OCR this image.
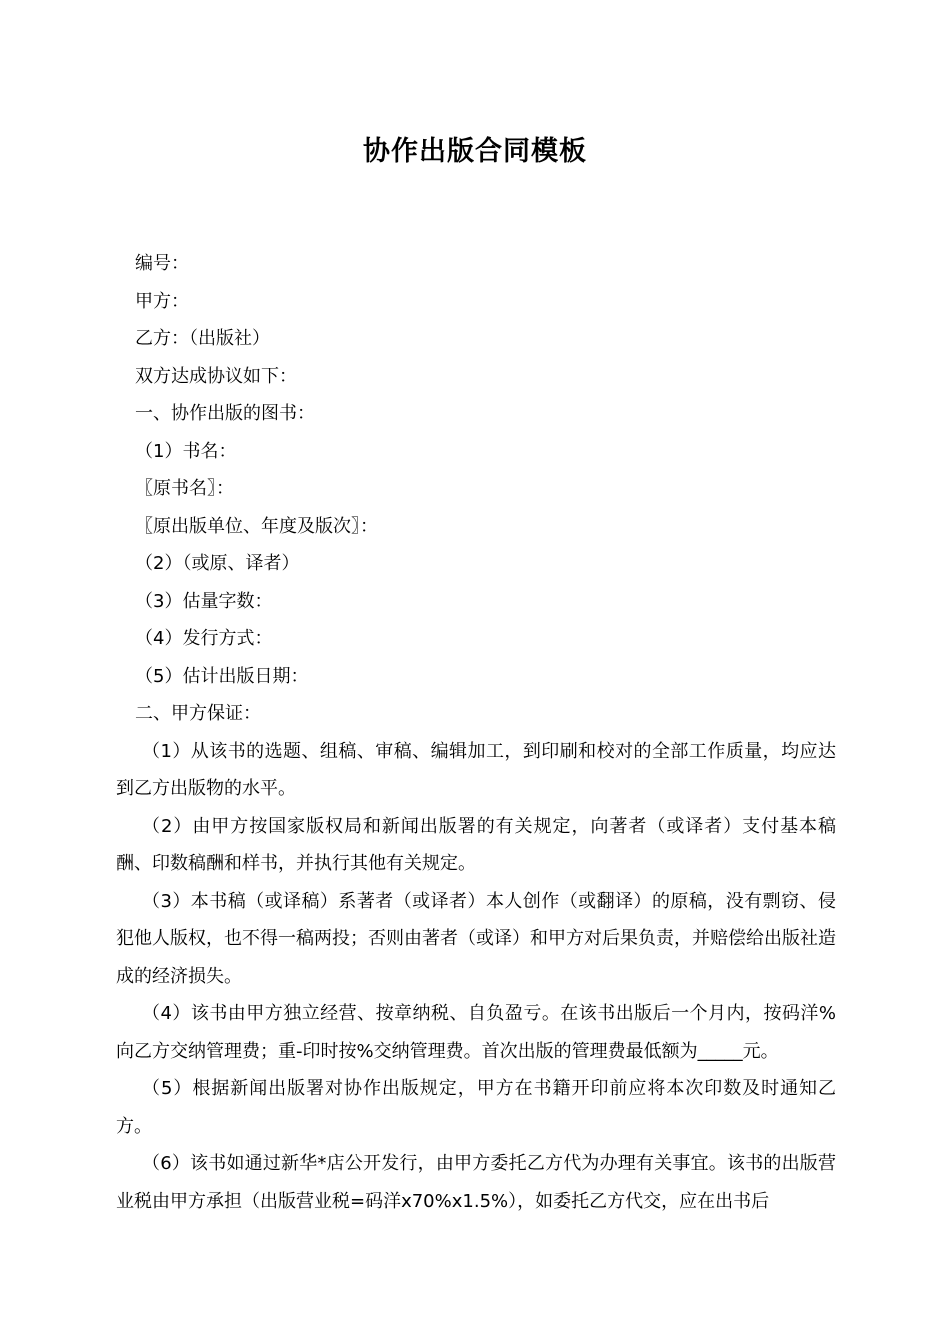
协作出版合同模板

编号：

甲方：

乙方：（出版社）

双方达成协议如下：

一、协作出版的图书：

（1）书名：

〖原书名〗：

〖原出版单位、年度及版次〗：

（2）（或原、译者）

（3）估量字数：

（4）发行方式：

（5）估计出版日期：

二、甲方保证：

（1）从该书的选题、组稿、审稿、编辑加工，到印刷和校对的全部工作质量，均应达到乙方出版物的水平。

（2）由甲方按国家版权局和新闻出版署的有关规定，向著者（或译者）支付基本稿酬、印数稿酬和样书，并执行其他有关规定。

（3）本书稿（或译稿）系著者（或译者）本人创作（或翻译）的原稿，没有剽窃、侵犯他人版权，也不得一稿两投；否则由著者（或译）和甲方对后果负责，并赔偿给出版社造成的经济损失。

（4）该书由甲方独立经营、按章纳税、自负盈亏。在该书出版后一个月内，按码洋%向乙方交纳管理费；重-印时按%交纳管理费。首次出版的管理费最低额为_____元。

（5）根据新闻出版署对协作出版规定，甲方在书籍开印前应将本次印数及时通知乙方。

（6）该书如通过新华*店公开发行，由甲方委托乙方代为办理有关事宜。该书的出版营业税由甲方承担（出版营业税=码洋x70%x1.5%），如委托乙方代交，应在出书后
